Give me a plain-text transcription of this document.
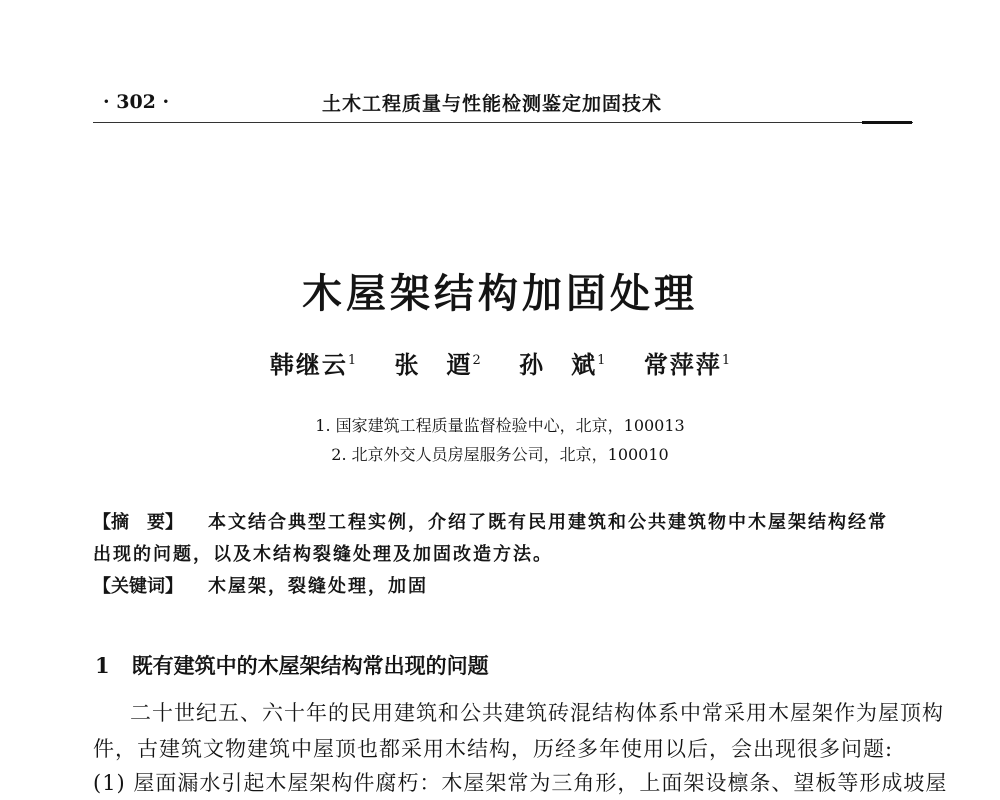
· 302 ·	土木工程质量与性能检测鉴定加固技术
木屋架结构加固处理
韩继云$^1$ 张　逎$^2$ 孙　斌$^1$ 常萍萍$^1$
1. 国家建筑工程质量监督检验中心，北京，100013
2. 北京外交人员房屋服务公司，北京，100010
【摘　要】 本文结合典型工程实例，介绍了既有民用建筑和公共建筑物中木屋架结构经常
出现的问题，以及木结构裂缝处理及加固改造方法。
【关键词】 木屋架，裂缝处理，加固
1 既有建筑中的木屋架结构常出现的问题
二十世纪五、六十年的民用建筑和公共建筑砖混结构体系中常采用木屋架作为屋顶构
件，古建筑文物建筑中屋顶也都采用木结构，历经多年使用以后，会出现很多问题:
(1) 屋面漏水引起木屋架构件腐朽：木屋架常为三角形，上面架设檩条、望板等形成坡屋
